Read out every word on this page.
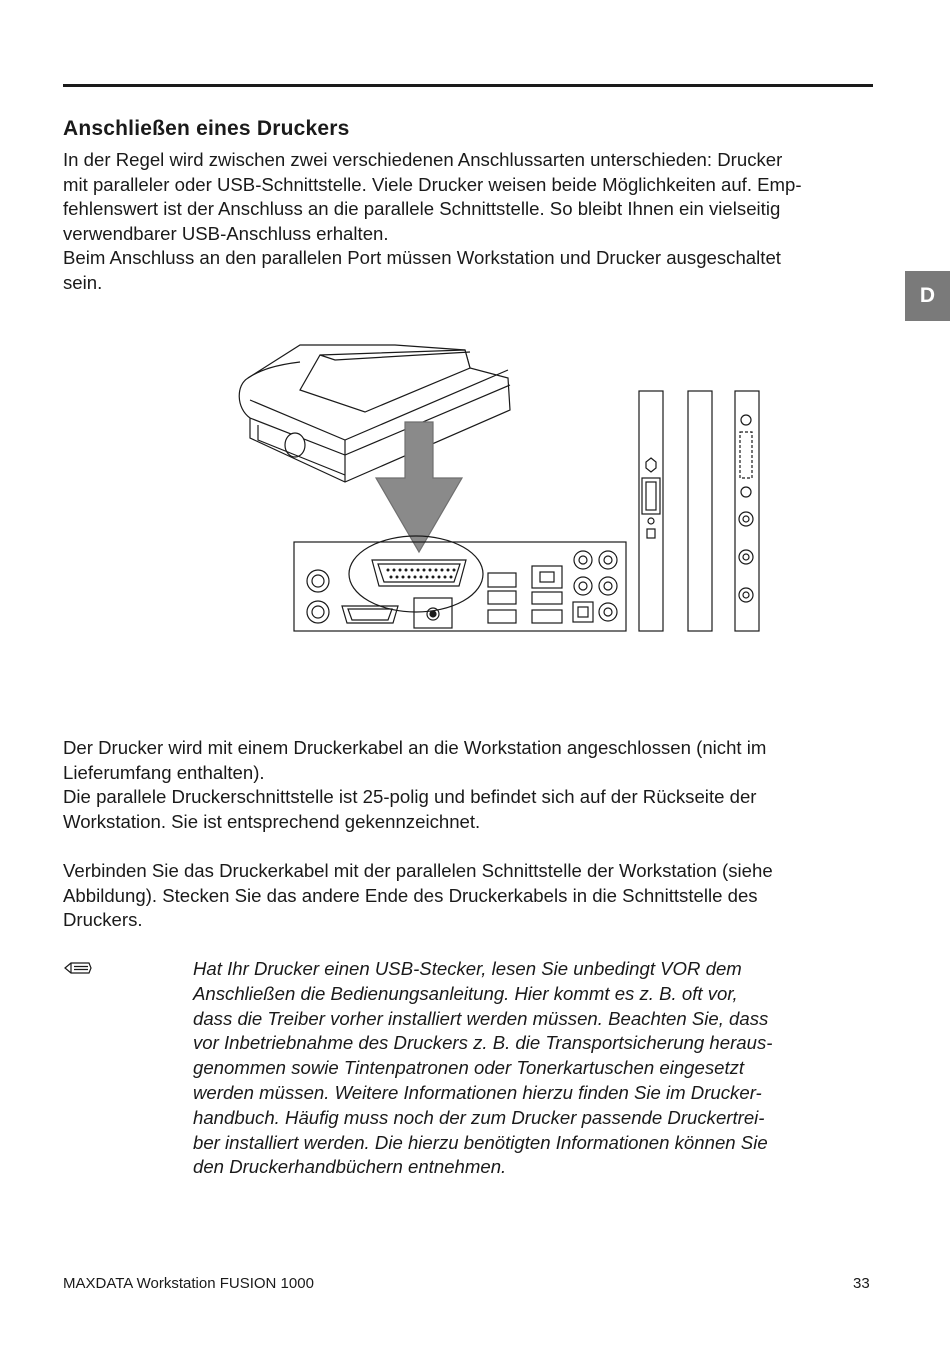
D
Anschließen eines Druckers

In der Regel wird zwischen zwei verschiedenen Anschlussarten unterschieden: Drucker
mit paralleler oder USB-Schnittstelle. Viele Drucker weisen beide Möglichkeiten auf. Emp-
fehlenswert ist der Anschluss an die parallele Schnittstelle. So bleibt Ihnen ein vielseitig
verwendbarer USB-Anschluss erhalten.
Beim Anschluss an den parallelen Port müssen Workstation und Drucker ausgeschaltet
sein.

Der Drucker wird mit einem Druckerkabel an die Workstation angeschlossen (nicht im
Lieferumfang enthalten).
Die parallele Druckerschnittstelle ist 25-polig und befindet sich auf der Rückseite der
Workstation. Sie ist entsprechend gekennzeichnet.

Verbinden Sie das Druckerkabel mit der parallelen Schnittstelle der Workstation (siehe
Abbildung). Stecken Sie das andere Ende des Druckerkabels in die Schnittstelle des
Druckers.

Hat Ihr Drucker einen USB-Stecker, lesen Sie unbedingt VOR dem
Anschließen die Bedienungsanleitung. Hier kommt es z. B. oft vor,
dass die Treiber vorher installiert werden müssen. Beachten Sie, dass
vor Inbetriebnahme des Druckers z. B. die Transportsicherung heraus-
genommen sowie Tintenpatronen oder Tonerkartuschen eingesetzt
werden müssen. Weitere Informationen hierzu finden Sie im Drucker-
handbuch. Häufig muss noch der zum Drucker passende Druckertrei-
ber installiert werden. Die hierzu benötigten Informationen können Sie
den Druckerhandbüchern entnehmen.

MAXDATA Workstation FUSION 1000	33
